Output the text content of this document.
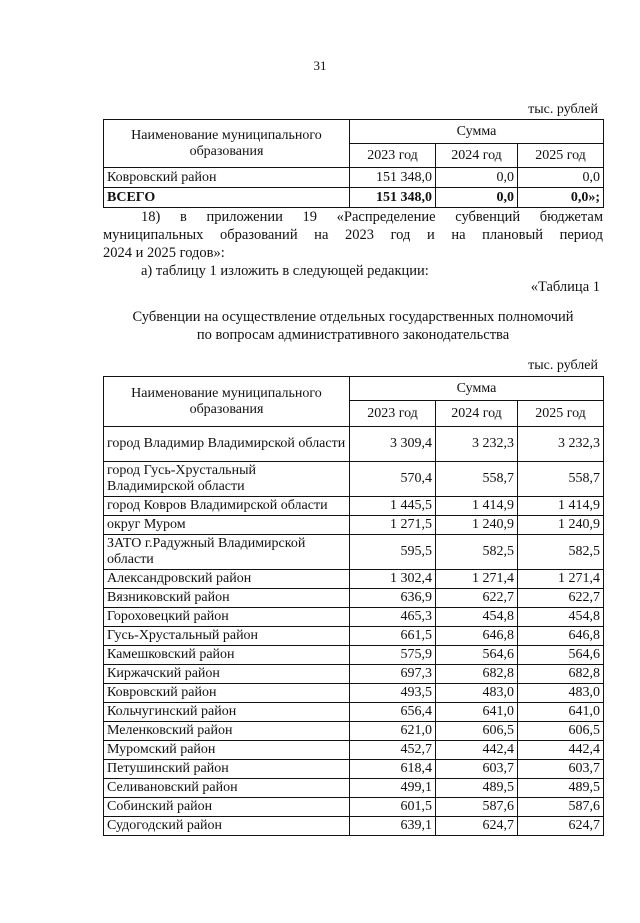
31
тыс. рублей
Наименование муниципального образования	Сумма		
	2023 год	2024 год	2025 год
Ковровский район	151 348,0	0,0	0,0
ВСЕГО	151 348,0	0,0	0,0»;
18) в приложении 19 «Распределение субвенций бюджетам
муниципальных образований на 2023 год и на плановый период
2024 и 2025 годов»:
а) таблицу 1 изложить в следующей редакции:
«Таблица 1
Субвенции на осуществление отдельных государственных полномочий
по вопросам административного законодательства
тыс. рублей
Наименование муниципального образования	Сумма		
	2023 год	2024 год	2025 год
город Владимир Владимирской области	3 309,4	3 232,3	3 232,3
город Гусь-Хрустальный Владимирской области	570,4	558,7	558,7
город Ковров Владимирской области	1 445,5	1 414,9	1 414,9
округ Муром	1 271,5	1 240,9	1 240,9
ЗАТО г.Радужный Владимирской области	595,5	582,5	582,5
Александровский район	1 302,4	1 271,4	1 271,4
Вязниковский район	636,9	622,7	622,7
Гороховецкий район	465,3	454,8	454,8
Гусь-Хрустальный район	661,5	646,8	646,8
Камешковский район	575,9	564,6	564,6
Киржачский район	697,3	682,8	682,8
Ковровский район	493,5	483,0	483,0
Кольчугинский район	656,4	641,0	641,0
Меленковский район	621,0	606,5	606,5
Муромский район	452,7	442,4	442,4
Петушинский район	618,4	603,7	603,7
Селивановский район	499,1	489,5	489,5
Собинский район	601,5	587,6	587,6
Судогодский район	639,1	624,7	624,7
